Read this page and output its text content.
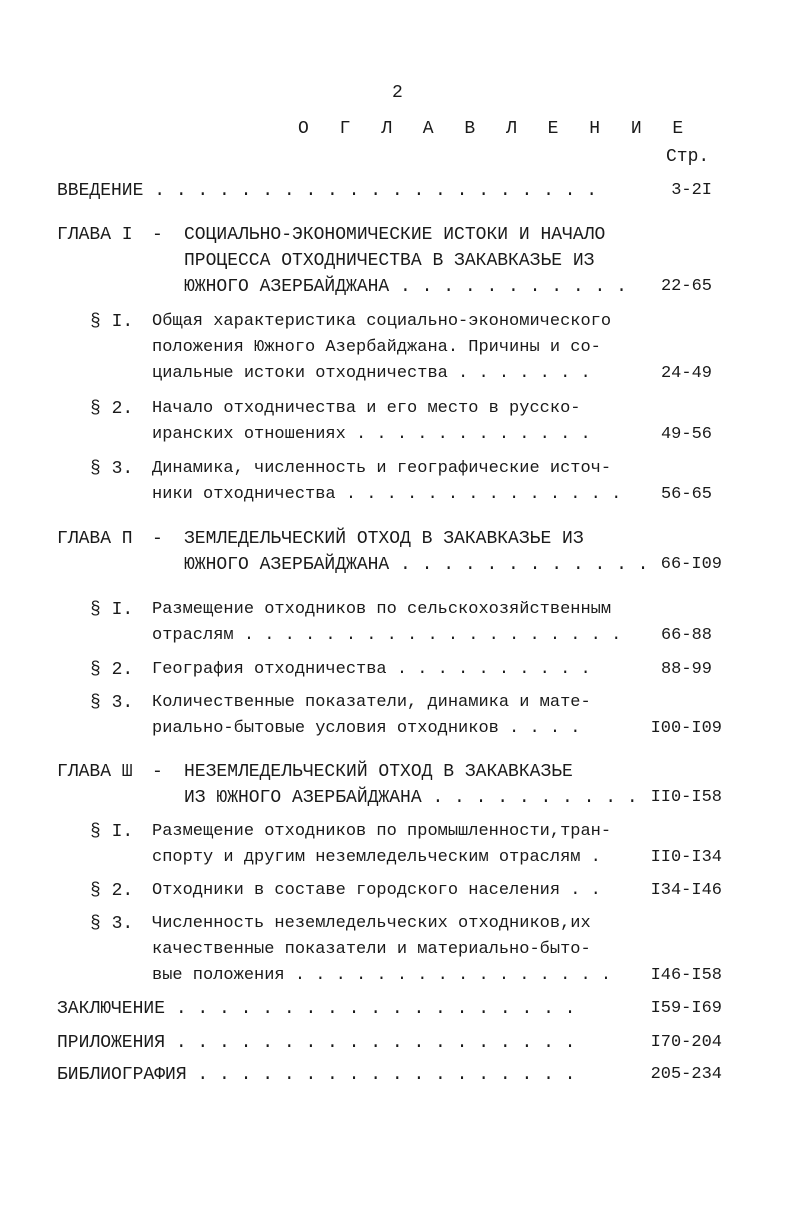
2
О Г Л А В Л Е Н И Е
Стр.
ВВЕДЕНИЕ . . . . . . . . . . . . . . . . . . . . .	3-2I
ГЛАВА I - СОЦИАЛЬНО-ЭКОНОМИЧЕСКИЕ ИСТОКИ И НАЧАЛО
ПРОЦЕССА ОТХОДНИЧЕСТВА В ЗАКАВКАЗЬЕ ИЗ
ЮЖНОГО АЗЕРБАЙДЖАНА . . . . . . . . . . .	22-65
§ I. Общая характеристика социально-экономического
положения Южного Азербайджана. Причины и со-
циальные истоки отходничества . . . . . . .	24-49
§ 2. Начало отходничества и его место в русско-
иранских отношениях . . . . . . . . . . . .	49-56
§ 3. Динамика, численность и географические источ-
ники отходничества . . . . . . . . . . . . . .	56-65
ГЛАВА П - ЗЕМЛЕДЕЛЬЧЕСКИЙ ОТХОД В ЗАКАВКАЗЬЕ ИЗ
ЮЖНОГО АЗЕРБАЙДЖАНА . . . . . . . . . . . . 66-I09
§ I. Размещение отходников по сельскохозяйственным
отраслям . . . . . . . . . . . . . . . . . . .	66-88
§ 2. География отходничества . . . . . . . . . .	88-99
§ 3. Количественные показатели, динамика и мате-
риально-бытовые условия отходников . . . .	I00-I09
ГЛАВА Ш - НЕЗЕМЛЕДЕЛЬЧЕСКИЙ ОТХОД В ЗАКАВКАЗЬЕ
ИЗ ЮЖНОГО АЗЕРБАЙДЖАНА . . . . . . . . . . II0-I58
§ I. Размещение отходников по промышленности,тран-
спорту и другим неземледельческим отраслям .	II0-I34
§ 2. Отходники в составе городского населения . .	I34-I46
§ 3. Численность неземледельческих отходников,их
качественные показатели и материально-быто-
вые положения . . . . . . . . . . . . . . . .	I46-I58
ЗАКЛЮЧЕНИЕ . . . . . . . . . . . . . . . . . . .	I59-I69
ПРИЛОЖЕНИЯ . . . . . . . . . . . . . . . . . . .	I70-204
БИБЛИОГРАФИЯ . . . . . . . . . . . . . . . . . .	205-234
